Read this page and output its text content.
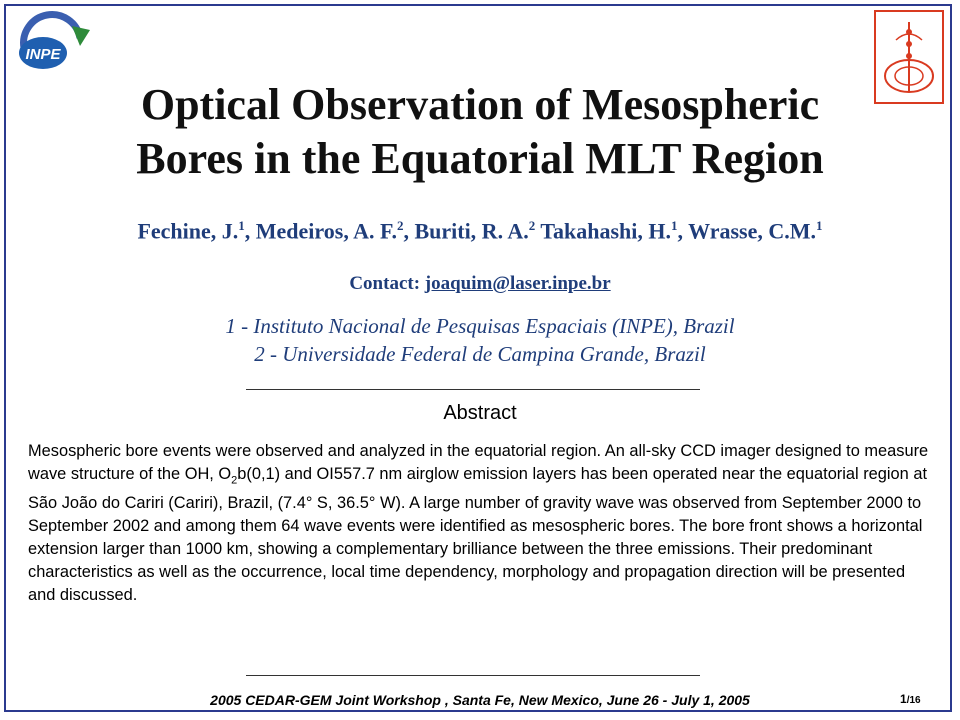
INPE
Optical Observation of Mesospheric
Bores in the Equatorial MLT Region
Fechine, J.$^1$, Medeiros, A. F.$^2$, Buriti, R. A.$^2$ Takahashi, H.$^1$, Wrasse, C.M.$^1$
Contact: joaquim@laser.inpe.br
1 - Instituto Nacional de Pesquisas Espaciais (INPE), Brazil
2 - Universidade Federal de Campina Grande, Brazil
Abstract
Mesospheric bore events were observed and analyzed in the equatorial region. An all-sky CCD imager designed to measure wave structure of the OH, $O_2b(0,1)$ and OI557.7 nm airglow emission layers has been operated near the equatorial region at São João do Cariri (Cariri), Brazil, (7.4° S, 36.5° W). A large number of gravity wave was observed from September 2000 to September 2002 and among them 64 wave events were identified as mesospheric bores. The bore front shows a horizontal extension larger than 1000 km, showing a complementary brilliance between the three emissions. Their predominant characteristics as well as the occurrence, local time dependency, morphology and propagation direction will be presented and discussed.
2005 CEDAR-GEM Joint Workshop , Santa Fe, New Mexico, June 26 - July 1, 2005	1/16
